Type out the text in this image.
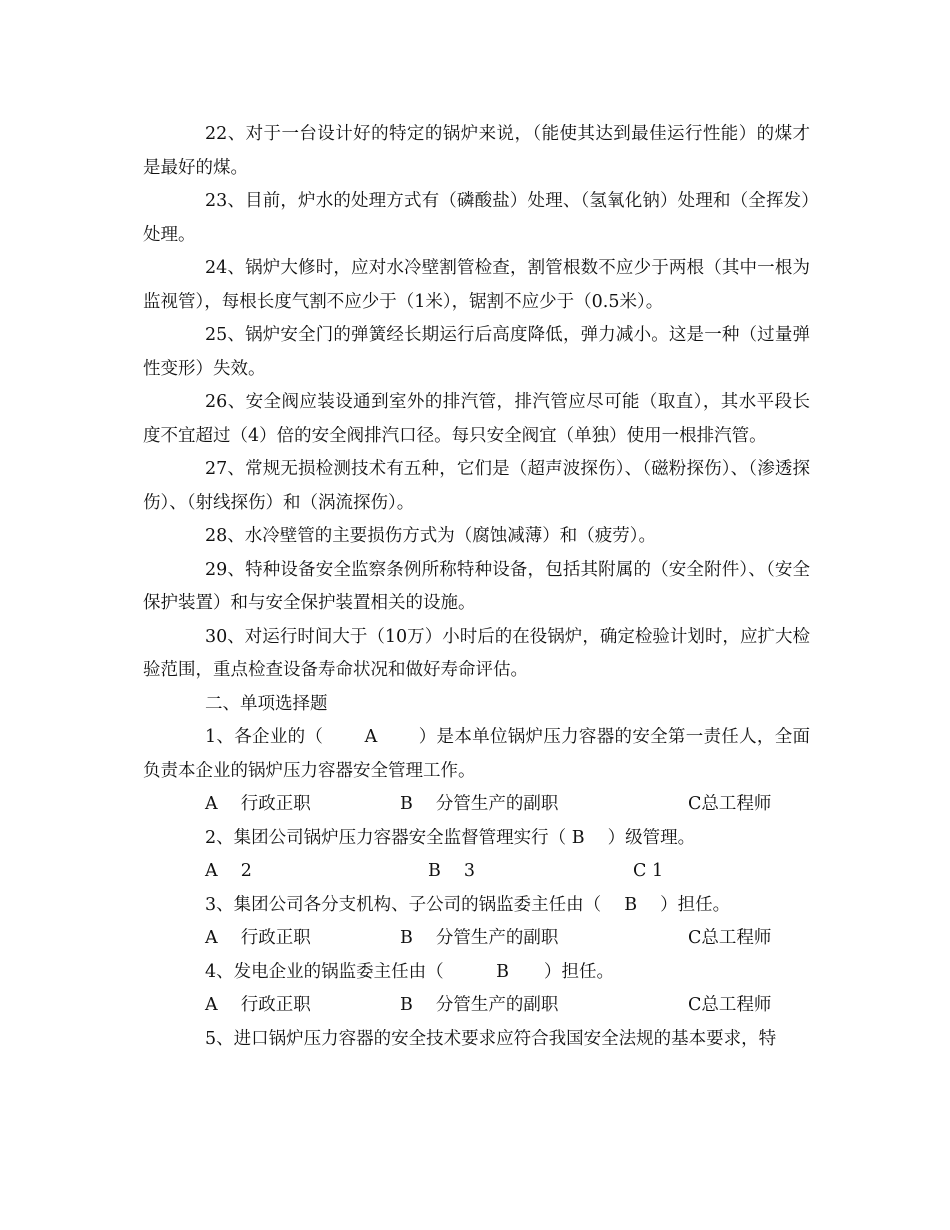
22、对于一台设计好的特定的锅炉来说，（能使其达到最佳运行性能）的煤才是最好的煤。

23、目前，炉水的处理方式有（磷酸盐）处理、（氢氧化钠）处理和（全挥发）处理。

24、锅炉大修时，应对水冷壁割管检查，割管根数不应少于两根（其中一根为监视管），每根长度气割不应少于（1米），锯割不应少于（0.5米）。

25、锅炉安全门的弹簧经长期运行后高度降低，弹力减小。这是一种（过量弹性变形）失效。

26、安全阀应装设通到室外的排汽管，排汽管应尽可能（取直），其水平段长度不宜超过（4）倍的安全阀排汽口径。每只安全阀宜（单独）使用一根排汽管。

27、常规无损检测技术有五种，它们是（超声波探伤）、（磁粉探伤）、（渗透探伤）、（射线探伤）和（涡流探伤）。

28、水冷壁管的主要损伤方式为（腐蚀减薄）和（疲劳）。

29、特种设备安全监察条例所称特种设备，包括其附属的（安全附件）、（安全保护装置）和与安全保护装置相关的设施。

30、对运行时间大于（10万）小时后的在役锅炉，确定检验计划时，应扩大检验范围，重点检查设备寿命状况和做好寿命评估。

二、单项选择题

1、各企业的（　　 A 　　）是本单位锅炉压力容器的安全第一责任人，全面负责本企业的锅炉压力容器安全管理工作。

A　 行政正职	B　 分管生产的副职	C总工程师

2、集团公司锅炉压力容器安全监督管理实行（ B 　）级管理。

A　 2	B　 3	C 1

3、集团公司各分支机构、子公司的锅监委主任由（　 B 　）担任。

A　 行政正职	B　 分管生产的副职	C总工程师

4、发电企业的锅监委主任由（　　　B　　）担任。

A　 行政正职	B　 分管生产的副职	C总工程师

5、进口锅炉压力容器的安全技术要求应符合我国安全法规的基本要求，特
